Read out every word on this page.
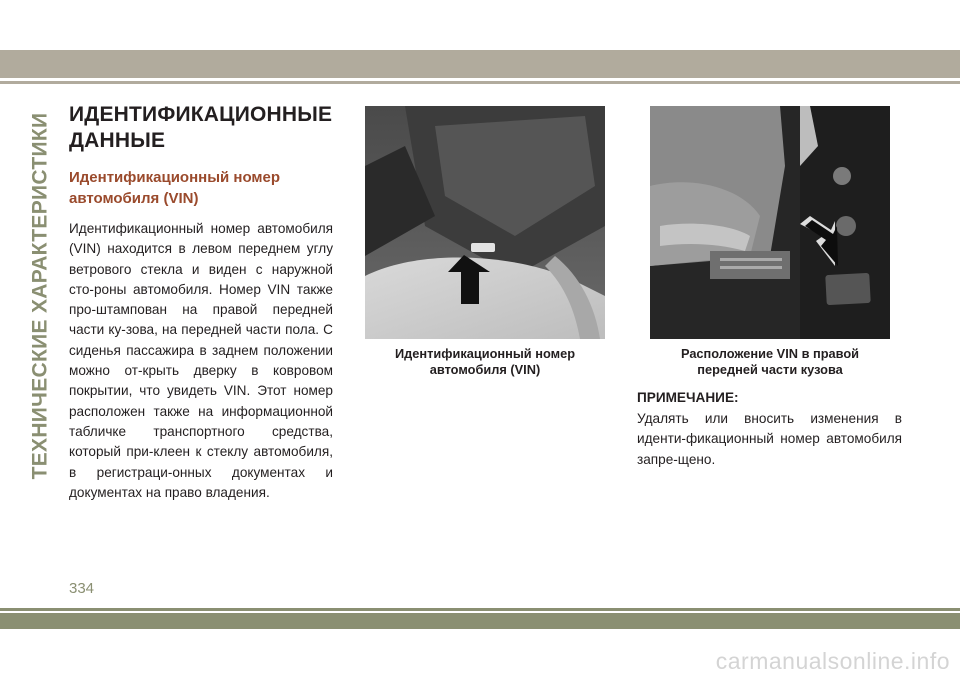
ТЕХНИЧЕСКИЕ ХАРАКТЕРИСТИКИ ИДЕНТИФИКАЦИОННЫЕ
ДАННЫЕ
Идентификационный номер
автомобиля (VIN)

Идентификационный номер автомобиля (VIN) находится в левом переднем углу ветрового стекла и виден с наружной сто-роны автомобиля. Номер VIN также про-штампован на правой передней части ку-зова, на передней части пола. С сиденья пассажира в заднем положении можно от-крыть дверку в ковровом покрытии, что увидеть VIN. Этот номер расположен также на информационной табличке транспортного средства, который при-клеен к стеклу автомобиля, в регистраци-онных документах и документах на право владения.

Идентификационный номер
автомобиля (VIN)
Расположение VIN в правой
передней части кузова
ПРИМЕЧАНИЕ:

Удалять или вносить изменения в иденти-фикационный номер автомобиля запре-щено.

334
carmanualsonline.info
